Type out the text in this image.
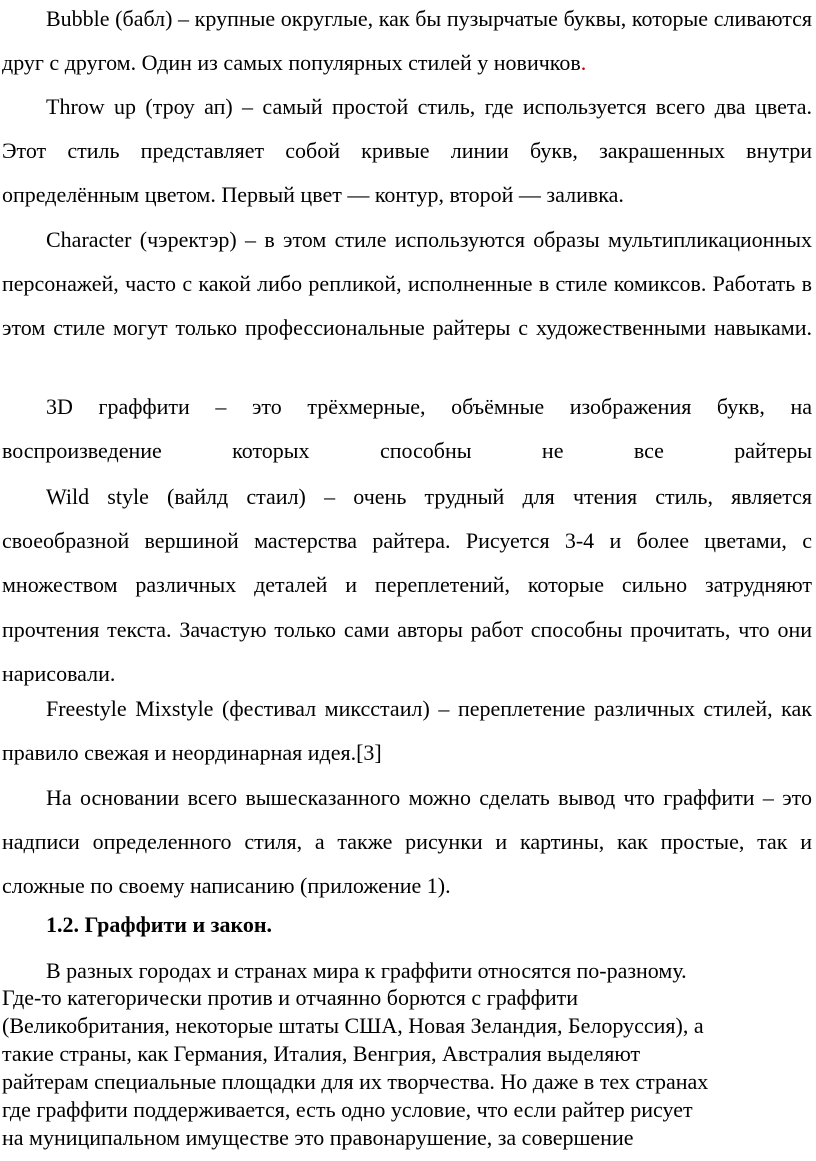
Bubble (бабл) – крупные округлые, как бы пузырчатые буквы, которые сливаются друг с другом. Один из самых популярных стилей у новичков.

Throw up (троу ап) – самый простой стиль, где используется всего два цвета. Этот стиль представляет собой кривые линии букв, закрашенных внутри определённым цветом. Первый цвет — контур, второй — заливка.

Character (чэректэр) – в этом стиле используются образы мультипликационных персонажей, часто с какой либо репликой, исполненные в стиле комиксов. Работать в этом стиле могут только профессиональные райтеры с художественными навыками.

3D граффити – это трёхмерные, объёмные изображения букв, на воспроизведение которых способны не все райтеры

Wild style (вайлд стаил) – очень трудный для чтения стиль, является своеобразной вершиной мастерства райтера. Рисуется 3-4 и более цветами, с множеством различных деталей и переплетений, которые сильно затрудняют прочтения текста. Зачастую только сами авторы работ способны прочитать, что они нарисовали.

Freestyle Mixstyle (фестивал миксстаил) – переплетение различных стилей, как правило свежая и неординарная идея.[3]

На основании всего вышесказанного можно сделать вывод что граффити – это надписи определенного стиля, а также рисунки и картины, как простые, так и сложные по своему написанию (приложение 1).

1.2. Граффити и закон.

В разных городах и странах мира к граффити относятся по-разному.

Где-то категорически против и отчаянно борются с граффити

(Великобритания, некоторые штаты США, Новая Зеландия, Белоруссия), а

такие страны, как Германия, Италия, Венгрия, Австралия выделяют

райтерам специальные площадки для их творчества. Но даже в тех странах

где граффити поддерживается, есть одно условие, что если райтер рисует

на муниципальном имуществе это правонарушение, за совершение
